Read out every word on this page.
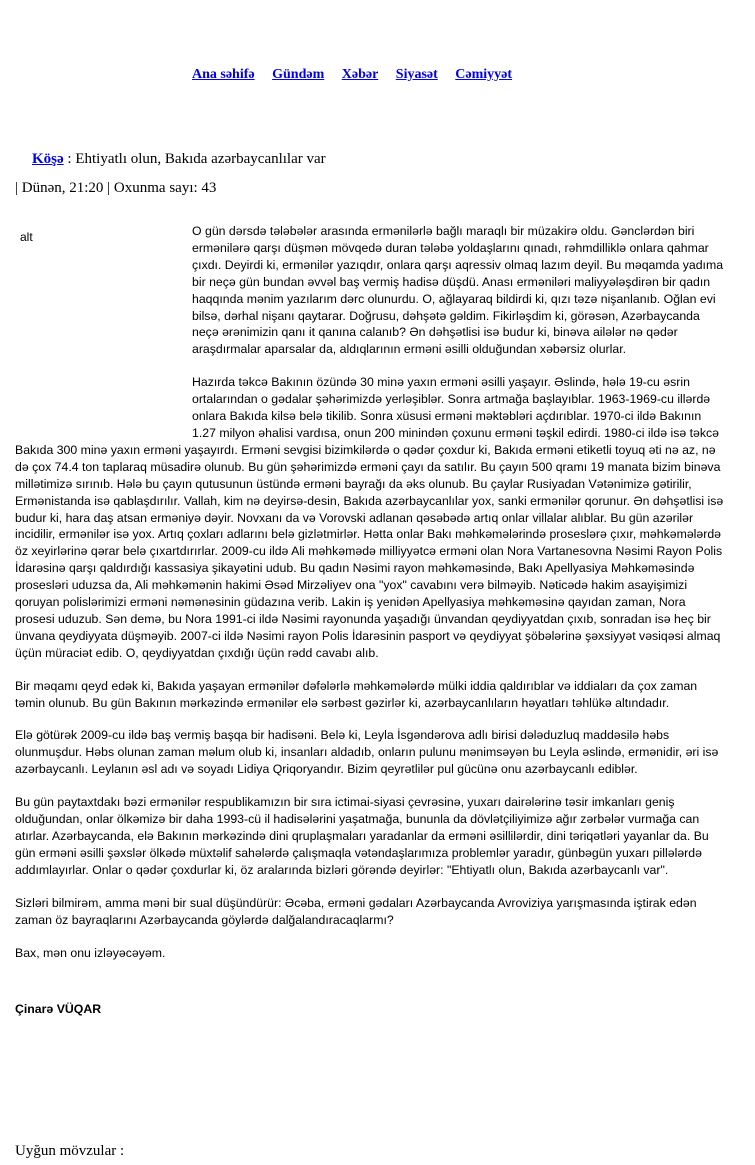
Ana səhifə Gündəm Xəbər Siyasət Cəmiyyət
Köşə : Ehtiyatlı olun, Bakıda azərbaycanlılar var
| Dünən, 21:20 | Oxunma sayı: 43
alt	O gün dərsdə tələbələr arasında ermənilərlə bağlı maraqlı bir müzakirə oldu. Gənclərdən biri ermənilərə qarşı düşmən mövqedə duran tələbə yoldaşlarını qınadı, rəhmdilliklə onlara qahmar çıxdı. Deyirdi ki, ermənilər yazıqdır, onlara qarşı aqressiv olmaq lazım deyil. Bu məqamda yadıma bir neçə gün bundan əvvəl baş vermiş hadisə düşdü. Anası erməniləri maliyyələşdirən bir qadın haqqında mənim yazılarım dərc olunurdu. O, ağlayaraq bildirdi ki, qızı təzə nişanlanıb. Oğlan evi bilsə, dərhal nişanı qaytarar. Doğrusu, dəhşətə gəldim. Fikirləşdim ki, görəsən, Azərbaycanda neçə ərənimizin qanı it qanına calanıb? Ən dəhşətlisi isə budur ki, binəva ailələr nə qədər araşdırmalar aparsalar da, aldıqlarının erməni əsilli olduğundan xəbərsiz olurlar.

Hazırda təkcə Bakının özündə 30 minə yaxın erməni əsilli yaşayır. Əslində, hələ 19-cu əsrin ortalarından o gədalar şəhərimizdə yerləşiblər. Sonra artmağa başlayıblar. 1963-1969-cu illərdə onlara Bakıda kilsə belə tikilib. Sonra xüsusi erməni məktəbləri açdırıblar. 1970-ci ildə Bakının 1.27 milyon əhalisi vardısa, onun 200 minindən çoxunu erməni təşkil edirdi. 1980-ci ildə isə təkcə Bakıda 300 minə yaxın erməni yaşayırdı. Erməni sevgisi bizimkilərdə o qədər çoxdur ki, Bakıda erməni etiketli toyuq əti nə az, nə də çox 74.4 ton taplaraq müsadirə olunub. Bu gün şəhərimizdə erməni çayı da satılır. Bu çayın 500 qramı 19 manata bizim binəva millətimizə sırınıb. Hələ bu çayın qutusunun üstündə erməni bayrağı da əks olunub. Bu çaylar Rusiyadan Vətənimizə gətirilir, Ermənistanda isə qablaşdırılır. Vallah, kim nə deyirsə-desin, Bakıda azərbaycanlılar yox, sanki ermənilər qorunur. Ən dəhşətlisi isə budur ki, hara daş atsan erməniyə dəyir. Novxanı da və Vorovski adlanan qəsəbədə artıq onlar villalar alıblar. Bu gün azərilər incidilir, ermənilər isə yox. Artıq çoxları adlarını belə gizlətmirlər. Hətta onlar Bakı məhkəmələrində proseslərə çıxır, məhkəmələrdə öz xeyirlərinə qərar belə çıxartdırırlar. 2009-cu ildə Ali məhkəmədə milliyyətcə erməni olan Nora Vartanesovna Nəsimi Rayon Polis İdarəsinə qarşı qaldırdığı kassasiya şikayətini udub. Bu qadın Nəsimi rayon məhkəməsində, Bakı Apellyasiya Məhkəməsində prosesləri uduzsa da, Ali məhkəmənin hakimi Əsəd Mirzəliyev ona "yox" cavabını verə bilməyib. Nəticədə hakim asayişimizi qoruyan polislərimizi erməni nəmənəsinin güdazına verib. Lakin iş yenidən Apellyasiya məhkəməsinə qayıdan zaman, Nora prosesi uduzub. Sən demə, bu Nora 1991-ci ildə Nəsimi rayonunda yaşadığı ünvandan qeydiyyatdan çıxıb, sonradan isə heç bir ünvana qeydiyyata düşməyib. 2007-ci ildə Nəsimi rayon Polis İdarəsinin pasport və qeydiyyat şöbələrinə şəxsiyyət vəsiqəsi almaq üçün müraciət edib. O, qeydiyyatdan çıxdığı üçün rədd cavabı alıb.

Bir məqamı qeyd edək ki, Bakıda yaşayan ermənilər dəfələrlə məhkəmələrdə mülki iddia qaldırıblar və iddiaları da çox zaman təmin olunub. Bu gün Bakının mərkəzində ermənilər elə sərbəst gəzirlər ki, azərbaycanlıların həyatları təhlükə altındadır.

Elə götürək 2009-cu ildə baş vermiş başqa bir hadisəni. Belə ki, Leyla İsgəndərova adlı birisi dələduzluq maddəsilə həbs olunmuşdur. Həbs olunan zaman məlum olub ki, insanları aldadıb, onların pulunu mənimsəyən bu Leyla əslində, ermənidir, əri isə azərbaycanlı. Leylanın əsl adı və soyadı Lidiya Qriqoryandır. Bizim qeyrətlilər pul gücünə onu azərbaycanlı ediblər.

Bu gün paytaxtdakı bəzi ermənilər respublikamızın bir sıra ictimai-siyasi çevrəsinə, yuxarı dairələrinə təsir imkanları geniş olduğundan, onlar ölkəmizə bir daha 1993-cü il hadisələrini yaşatmağa, bununla da dövlətçiliyimizə ağır zərbələr vurmağa can atırlar. Azərbaycanda, elə Bakının mərkəzində dini qruplaşmaları yaradanlar da erməni əsillilərdir, dini təriqətləri yayanlar da. Bu gün erməni əsilli şəxslər ölkədə müxtəlif sahələrdə çalışmaqla vətəndaşlarımıza problemlər yaradır, günbəgün yuxarı pillələrdə addımlayırlar. Onlar o qədər çoxdurlar ki, öz aralarında bizləri görəndə deyirlər: "Ehtiyatlı olun, Bakıda azərbaycanlı var".

Sizləri bilmirəm, amma məni bir sual düşündürür: Əcəba, erməni gədaları Azərbaycanda Avroviziya yarışmasında iştirak edən zaman öz bayraqlarını Azərbaycanda göylərdə dalğalandıracaqlarmı?

Bax, mən onu izləyəcəyəm.

Çinarə VÜQAR
Uyğun mövzular :
